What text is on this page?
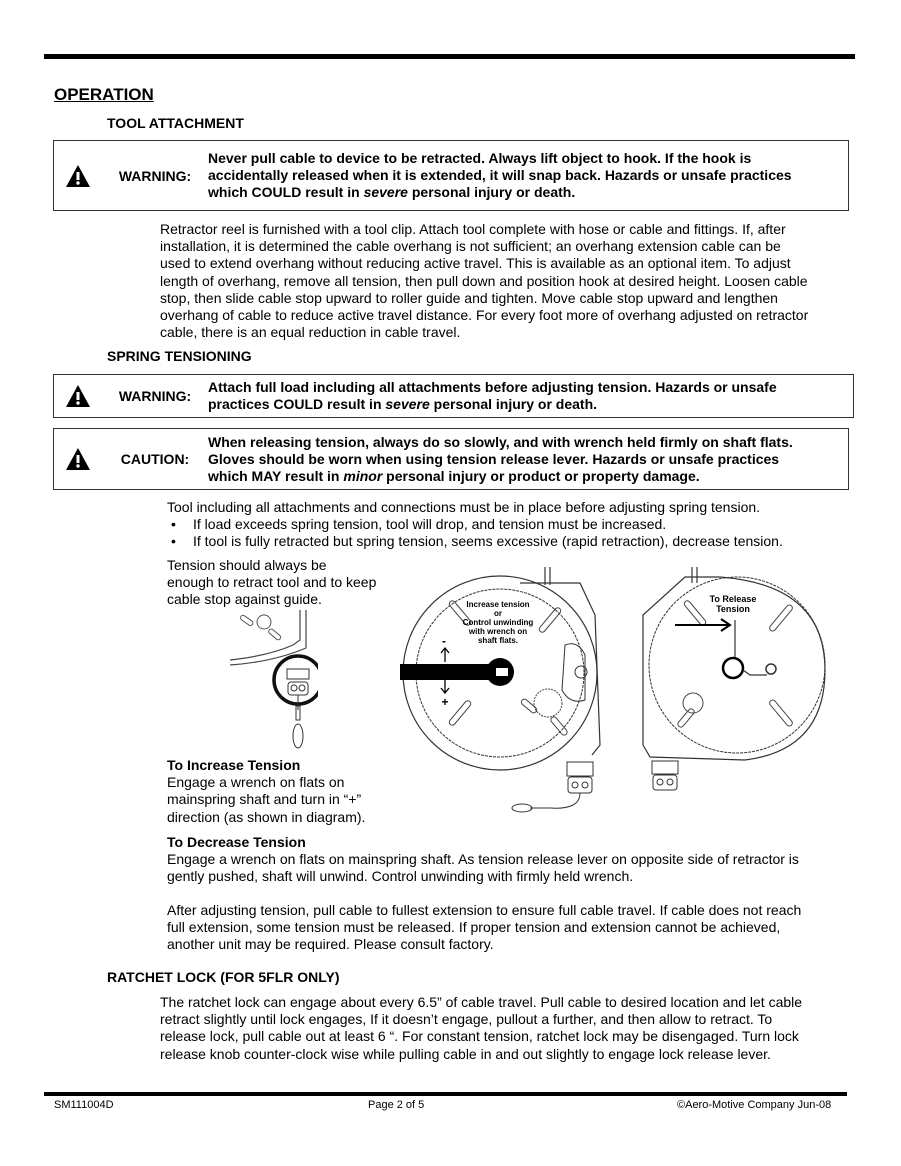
OPERATION
TOOL ATTACHMENT
WARNING:
Never pull cable to device to be retracted. Always lift object to hook. If the hook is
accidentally released when it is extended, it will snap back. Hazards or unsafe practices
which COULD result in severe personal injury or death.
Retractor reel is furnished with a tool clip. Attach tool complete with hose or cable and fittings. If, after
installation, it is determined the cable overhang is not sufficient; an overhang extension cable can be
used to extend overhang without reducing active travel. This is available as an optional item. To adjust
length of overhang, remove all tension, then pull down and position hook at desired height. Loosen cable
stop, then slide cable stop upward to roller guide and tighten. Move cable stop upward and lengthen
overhang of cable to reduce active travel distance. For every foot more of overhang adjusted on retractor
cable, there is an equal reduction in cable travel.
SPRING TENSIONING
WARNING:
Attach full load including all attachments before adjusting tension. Hazards or unsafe
practices COULD result in severe personal injury or death.
CAUTION:
When releasing tension, always do so slowly, and with wrench held firmly on shaft flats.
Gloves should be worn when using tension release lever. Hazards or unsafe practices
which MAY result in minor personal injury or product or property damage.
Tool including all attachments and connections must be in place before adjusting spring tension.
• If load exceeds spring tension, tool will drop, and tension must be increased.
• If tool is fully retracted but spring tension, seems excessive (rapid retraction), decrease tension.
Tension should always be
enough to retract tool and to keep
cable stop against guide.
-
+
Increase tension
or
Control unwinding
with wrench on
shaft flats.
To Release
Tension
To Increase Tension
Engage a wrench on flats on
mainspring shaft and turn in “+”
direction (as shown in diagram).
To Decrease Tension
Engage a wrench on flats on mainspring shaft. As tension release lever on opposite side of retractor is
gently pushed, shaft will unwind. Control unwinding with firmly held wrench.
After adjusting tension, pull cable to fullest extension to ensure full cable travel. If cable does not reach
full extension, some tension must be released. If proper tension and extension cannot be achieved,
another unit may be required. Please consult factory.
RATCHET LOCK (FOR 5FLR ONLY)
The ratchet lock can engage about every 6.5” of cable travel. Pull cable to desired location and let cable
retract slightly until lock engages, If it doesn’t engage, pullout a further, and then allow to retract. To
release lock, pull cable out at least 6 “. For constant tension, ratchet lock may be disengaged. Turn lock
release knob counter-clock wise while pulling cable in and out slightly to engage lock release lever.
SM111004D	Page 2 of 5	©Aero-Motive Company Jun-08
